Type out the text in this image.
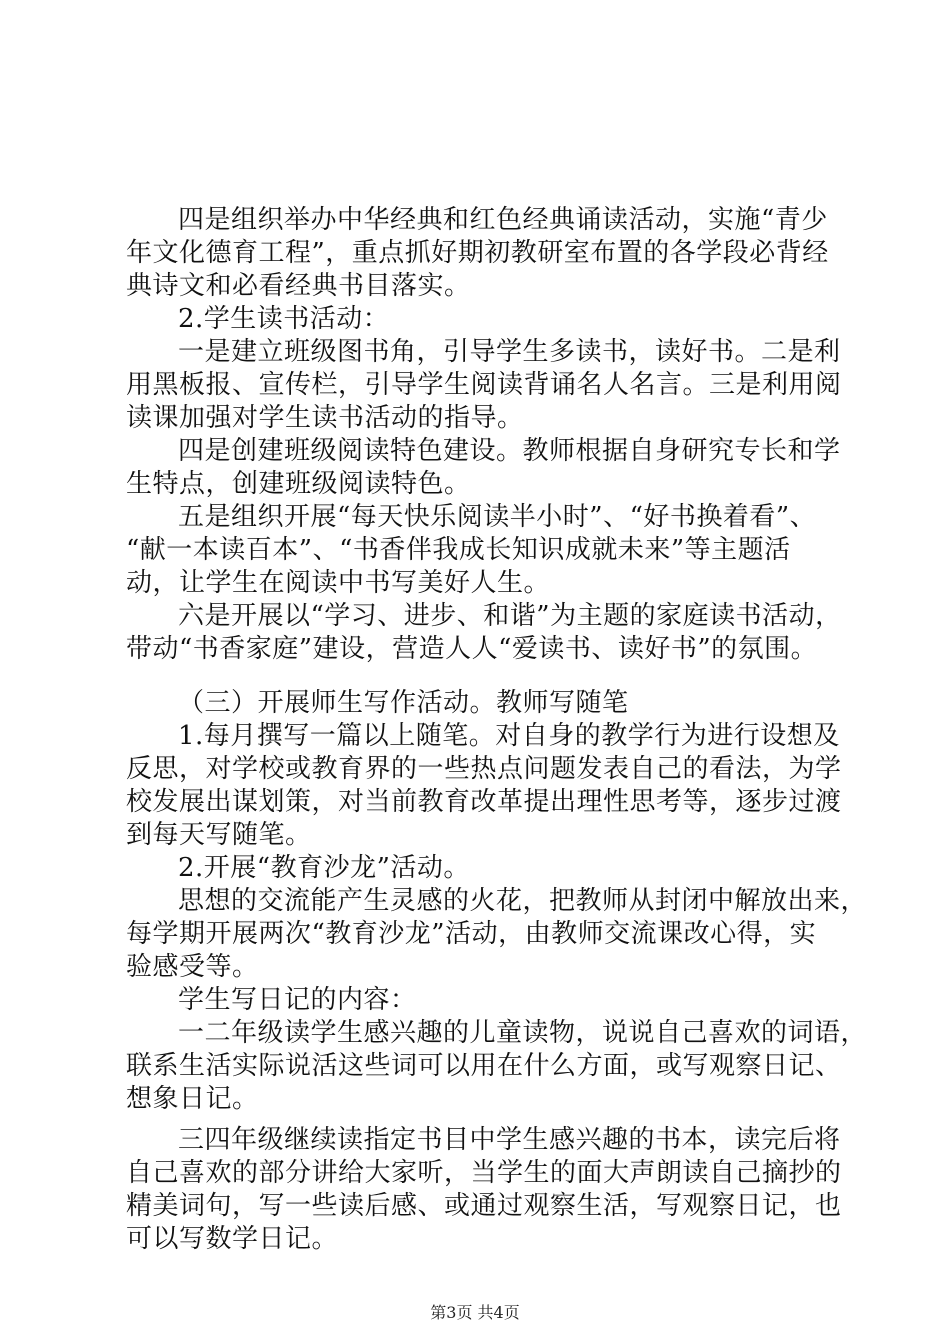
四是组织举办中华经典和红色经典诵读活动，实施“青少
年文化德育工程”，重点抓好期初教研室布置的各学段必背经
典诗文和必看经典书目落实。
2.学生读书活动：
一是建立班级图书角，引导学生多读书，读好书。二是利
用黑板报、宣传栏，引导学生阅读背诵名人名言。三是利用阅
读课加强对学生读书活动的指导。
四是创建班级阅读特色建设。教师根据自身研究专长和学
生特点，创建班级阅读特色。
五是组织开展“每天快乐阅读半小时”、“好书换着看”、
“献一本读百本”、“书香伴我成长知识成就未来”等主题活
动，让学生在阅读中书写美好人生。
六是开展以“学习、进步、和谐”为主题的家庭读书活动，
带动“书香家庭”建设，营造人人“爱读书、读好书”的氛围。
（三）开展师生写作活动。教师写随笔
1.每月撰写一篇以上随笔。对自身的教学行为进行设想及
反思，对学校或教育界的一些热点问题发表自己的看法，为学
校发展出谋划策，对当前教育改革提出理性思考等，逐步过渡
到每天写随笔。
2.开展“教育沙龙”活动。
思想的交流能产生灵感的火花，把教师从封闭中解放出来，
每学期开展两次“教育沙龙”活动，由教师交流课改心得，实
验感受等。
学生写日记的内容：
一二年级读学生感兴趣的儿童读物，说说自己喜欢的词语，
联系生活实际说活这些词可以用在什么方面，或写观察日记、
想象日记。
三四年级继续读指定书目中学生感兴趣的书本，读完后将
自己喜欢的部分讲给大家听，当学生的面大声朗读自己摘抄的
精美词句，写一些读后感、或通过观察生活，写观察日记，也
可以写数学日记。
第3页 共4页
